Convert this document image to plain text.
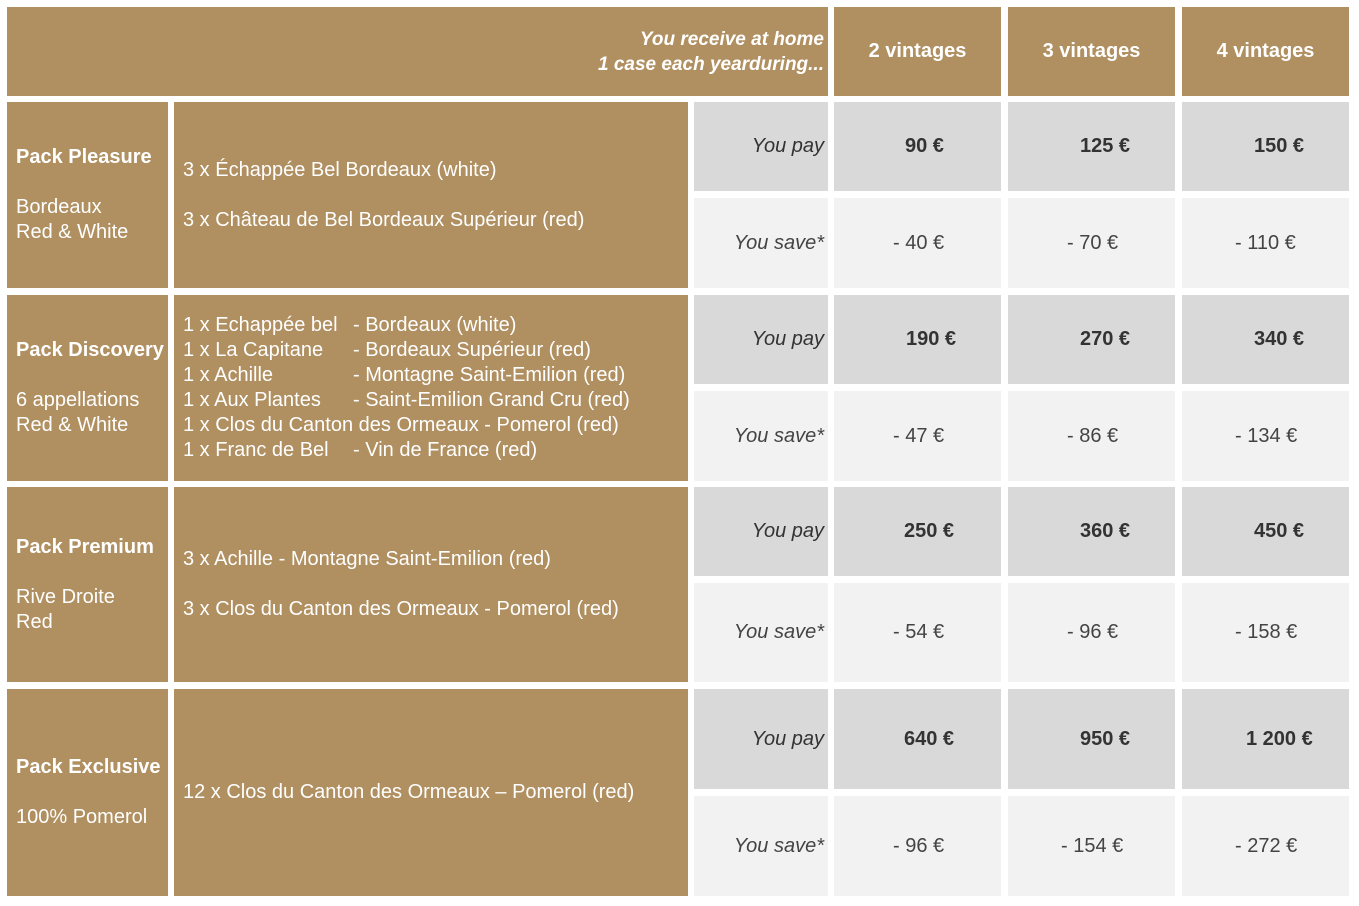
You receive at home
1 case each yearduring...
2 vintages	3 vintages	4 vintages
Pack Pleasure
Bordeaux
Red & White
3 x Échappée Bel Bordeaux (white)
3 x Château de Bel Bordeaux Supérieur (red)
You pay	90 €	125 €	150 €
You save*	- 40 €	- 70 €	- 110 €
Pack Discovery
6 appellations
Red & White
1 x Echappée bel - Bordeaux (white)
1 x La Capitane	- Bordeaux Supérieur (red)
1 x Achille	- Montagne Saint-Emilion (red)
1 x Aux Plantes	- Saint-Emilion Grand Cru (red)
1 x Clos du Canton des Ormeaux - Pomerol (red)
1 x Franc de Bel	- Vin de France (red)
You pay	190 €	270 €	340 €
You save*	- 47 €	- 86 €	- 134 €
Pack Premium
Rive Droite
Red
3 x Achille - Montagne Saint-Emilion (red)
3 x Clos du Canton des Ormeaux - Pomerol (red)
You pay	250 €	360 €	450 €
You save*	- 54 €	- 96 €	- 158 €
Pack Exclusive
100% Pomerol
12 x Clos du Canton des Ormeaux – Pomerol (red)
You pay	640 €	950 €	1 200 €
You save*	- 96 €	- 154 €	- 272 €
